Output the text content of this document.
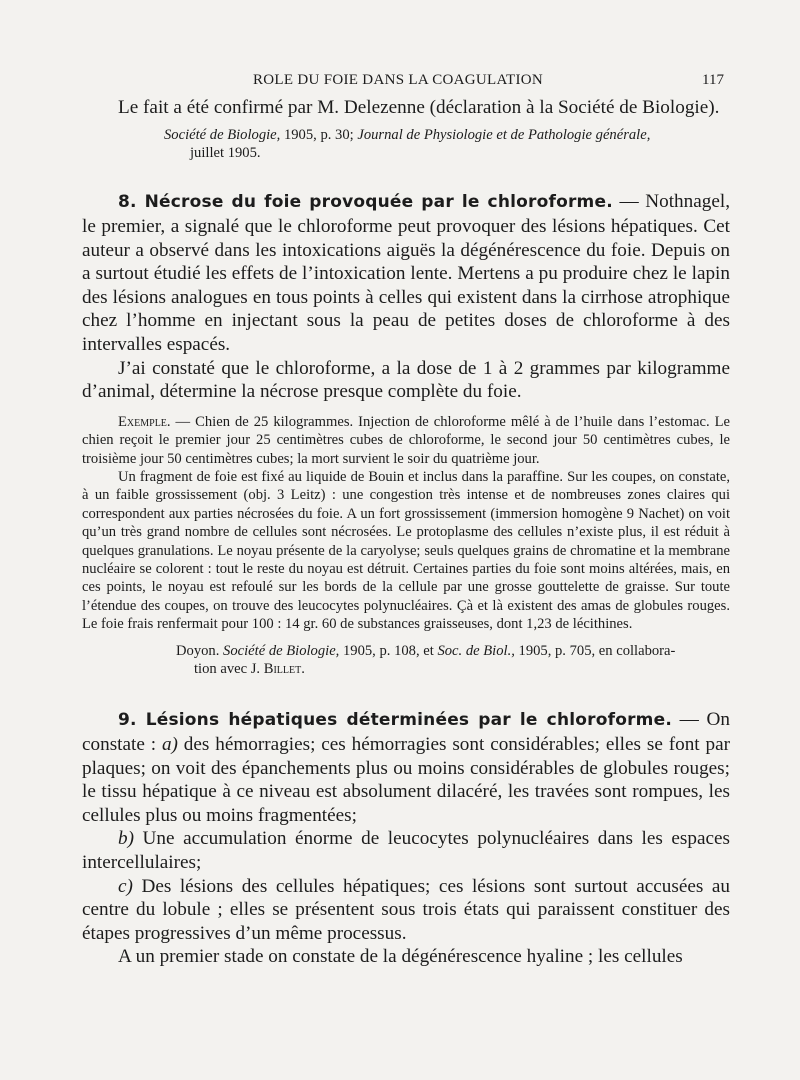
ROLE DU FOIE DANS LA COAGULATION	117

Le fait a été confirmé par M. Delezenne (déclaration à la Société de Biologie).

Société de Biologie, 1905, p. 30; Journal de Physiologie et de Pathologie générale,
juillet 1905.

8. Nécrose du foie provoquée par le chloroforme. — Nothnagel, le premier, a signalé que le chloroforme peut provoquer des lésions hépatiques. Cet auteur a observé dans les intoxications aiguës la dégénérescence du foie. Depuis on a surtout étudié les effets de l’intoxication lente. Mertens a pu produire chez le lapin des lésions analogues en tous points à celles qui existent dans la cirrhose atrophique chez l’homme en injectant sous la peau de petites doses de chloroforme à des intervalles espacés.

J’ai constaté que le chloroforme, a la dose de 1 à 2 grammes par kilogramme d’animal, détermine la nécrose presque complète du foie.

Exemple. — Chien de 25 kilogrammes. Injection de chloroforme mêlé à de l’huile dans l’estomac. Le chien reçoit le premier jour 25 centimètres cubes de chloroforme, le second jour 50 centimètres cubes, le troisième jour 50 centimètres cubes; la mort survient le soir du quatrième jour.

Un fragment de foie est fixé au liquide de Bouin et inclus dans la paraffine. Sur les coupes, on constate, à un faible grossissement (obj. 3 Leitz) : une congestion très intense et de nombreuses zones claires qui correspondent aux parties nécrosées du foie. A un fort grossissement (immersion homogène 9 Nachet) on voit qu’un très grand nombre de cellules sont nécrosées. Le protoplasme des cellules n’existe plus, il est réduit à quelques granulations. Le noyau présente de la caryolyse; seuls quelques grains de chromatine et la membrane nucléaire se colorent : tout le reste du noyau est détruit. Certaines parties du foie sont moins altérées, mais, en ces points, le noyau est refoulé sur les bords de la cellule par une grosse gouttelette de graisse. Sur toute l’étendue des coupes, on trouve des leucocytes polynucléaires. Çà et là existent des amas de globules rouges. Le foie frais renfermait pour 100 : 14 gr. 60 de substances graisseuses, dont 1,23 de lécithines.

Doyon. Société de Biologie, 1905, p. 108, et Soc. de Biol., 1905, p. 705, en collabora-
tion avec J. Billet.

9. Lésions hépatiques déterminées par le chloroforme. — On constate : a) des hémorragies; ces hémorragies sont considérables; elles se font par plaques; on voit des épanchements plus ou moins considérables de globules rouges; le tissu hépatique à ce niveau est absolument dilacéré, les travées sont rompues, les cellules plus ou moins fragmentées;

b) Une accumulation énorme de leucocytes polynucléaires dans les espaces intercellulaires;

c) Des lésions des cellules hépatiques; ces lésions sont surtout accusées au centre du lobule ; elles se présentent sous trois états qui paraissent constituer des étapes progressives d’un même processus.

A un premier stade on constate de la dégénérescence hyaline ; les cellules
